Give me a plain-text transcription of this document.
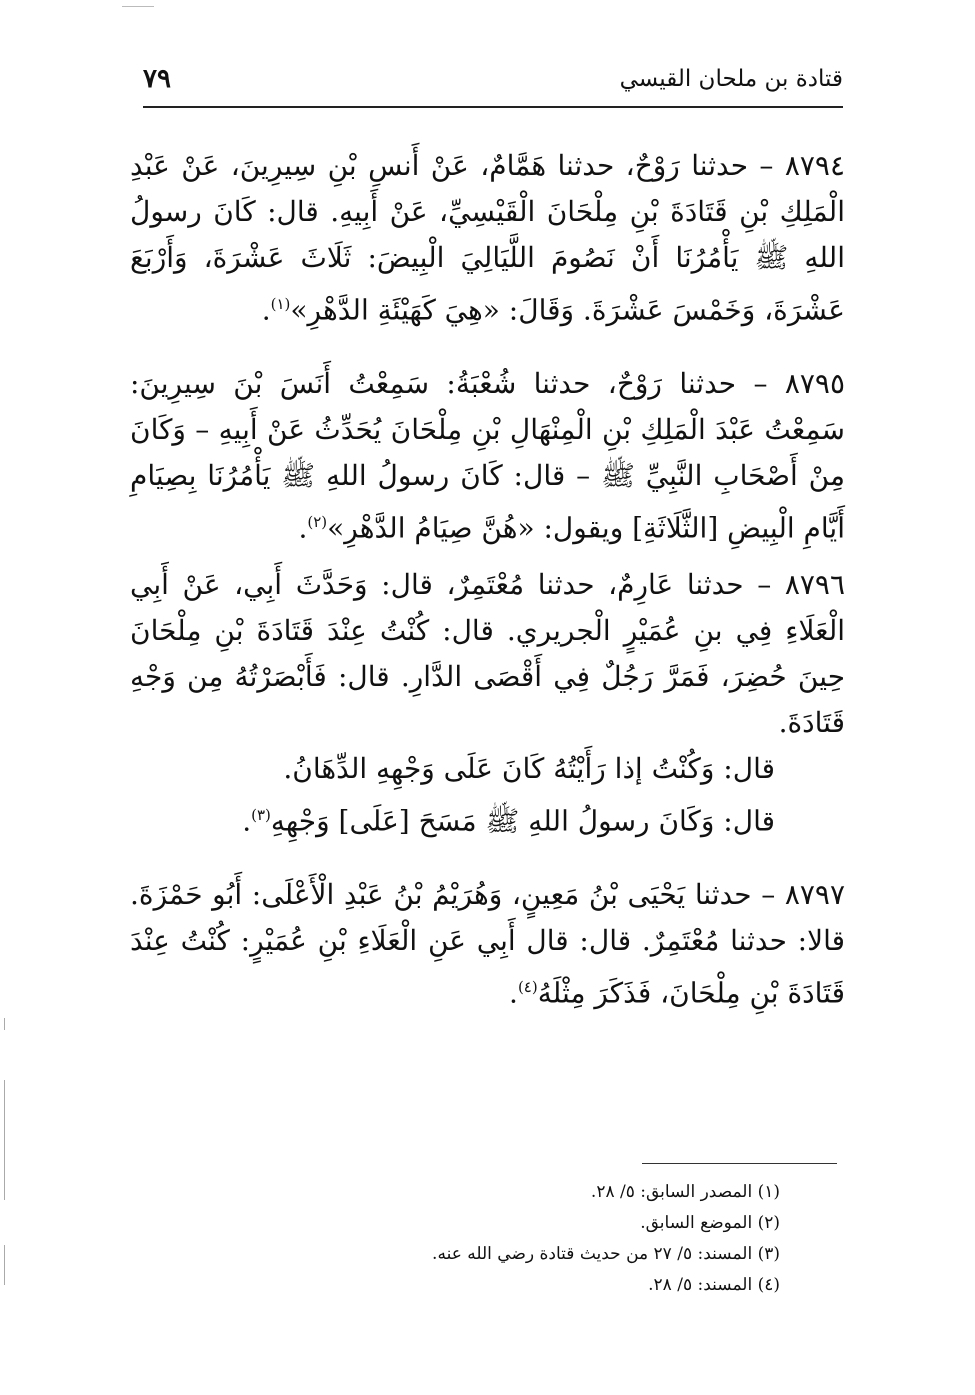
قتادة بن ملحان القيسي
٧٩

٨٧٩٤ – حدثنا رَوْحٌ، حدثنا هَمَّامٌ، عَنْ أَنسِ بْنِ سِيرِينَ، عَنْ عَبْدِ الْمَلِكِ بْنِ قَتَادَةَ بْنِ مِلْحَانَ الْقَيْسِيِّ، عَنْ أَبِيهِ. قال: كَانَ رسولُ اللهِ ﷺ يَأْمُرُنَا أَنْ نَصُومَ اللَّيَالِيَ الْبِيضَ: ثَلَاثَ عَشْرَةَ، وَأَرْبَعَ عَشْرَةَ، وَخَمْسَ عَشْرَةَ. وَقَالَ: «هِيَ كَهَيْئَةِ الدَّهْرِ»$^{(١)}$.

٨٧٩٥ – حدثنا رَوْحٌ، حدثنا شُعْبَةُ: سَمِعْتُ أَنَسَ بْنَ سِيرِينَ: سَمِعْتُ عَبْدَ الْمَلِكِ بْنِ الْمِنْهَالِ بْنِ مِلْحَانَ يُحَدِّثُ عَنْ أَبِيهِ – وَكَانَ مِنْ أَصْحَابِ النَّبِيِّ ﷺ – قال: كَانَ رسولُ اللهِ ﷺ يَأْمُرُنَا بِصِيَامِ أَيَّامِ الْبِيضِ [الثَّلَاثَةِ] ويقول: «هُنَّ صِيَامُ الدَّهْرِ»$^{(٢)}$.

٨٧٩٦ – حدثنا عَارِمٌ، حدثنا مُعْتَمِرٌ، قال: وَحَدَّثَ أَبِي، عَنْ أَبِي الْعَلَاءِ فِي بنِ عُمَيْرٍ الْجريري. قال: كُنْتُ عِنْدَ قَتَادَةَ بْنِ مِلْحَانَ حِينَ حُضِرَ، فَمَرَّ رَجُلٌ فِي أَقْصَى الدَّارِ. قال: فَأَبْصَرْتُهُ مِن وَجْهِ قَتَادَةَ.

قال: وَكُنْتُ إذا رَأَيْتُهُ كَانَ عَلَى وَجْهِهِ الدِّهَانُ.

قال: وَكَانَ رسولُ اللهِ ﷺ مَسَحَ [عَلَى] وَجْهِهِ$^{(٣)}$.

٨٧٩٧ – حدثنا يَحْيَى بْنُ مَعِينٍ، وَهُرَيْمُ بْنُ عَبْدِ الْأَعْلَى: أَبُو حَمْزَةَ. قالا: حدثنا مُعْتَمِرٌ. قال: قال أَبِي عَنِ الْعَلَاءِ بْنِ عُمَيْرٍ: كُنْتُ عِنْدَ قَتَادَةَ بْنِ مِلْحَانَ، فَذَكَرَ مِثْلَهُ$^{(٤)}$.

(١) المصدر السابق: ٥/ ٢٨.
(٢) الموضع السابق.
(٣) المسند: ٥/ ٢٧ من حديث قتادة رضي الله عنه.
(٤) المسند: ٥/ ٢٨.
